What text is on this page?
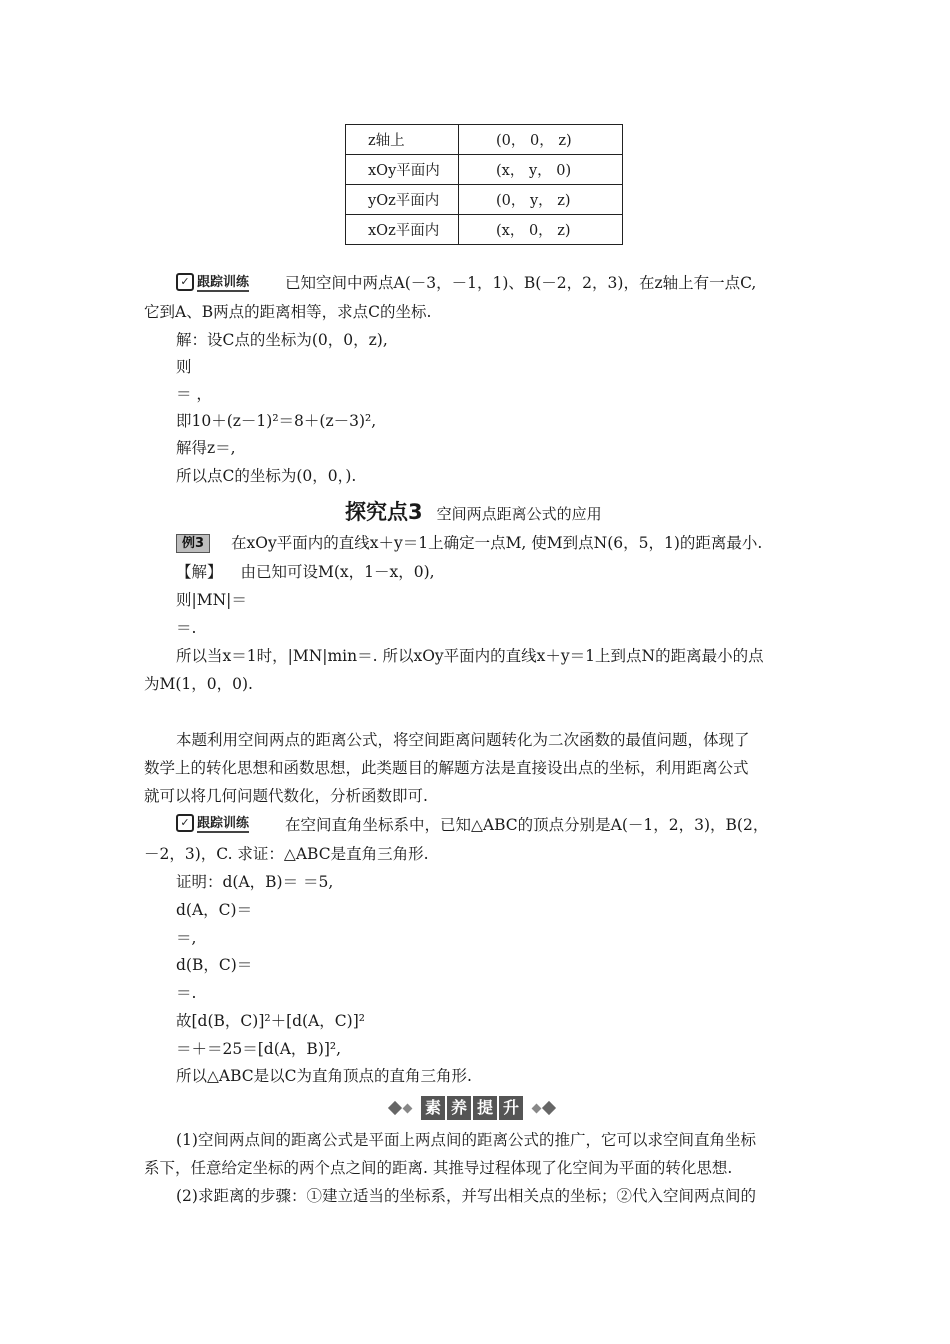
z轴上	(0， 0， z)
xOy平面内	(x， y， 0)
yOz平面内	(0， y， z)
xOz平面内	(x， 0， z)
✓ 跟踪训练 已知空间中两点A(－3，－1，1)、B(－2，2，3)，在z轴上有一点C,
它到A、B两点的距离相等，求点C的坐标.
解：设C点的坐标为(0，0，z),
则
＝ ，
即10＋(z－1)²＝8＋(z－3)²,
解得z＝,
所以点C的坐标为(0，0，).
探究点3 空间两点距离公式的应用
例3	在xOy平面内的直线x＋y＝1上确定一点M, 使M到点N(6，5，1)的距离最小.
【解】 由已知可设M(x，1－x，0),
则|MN|＝
＝.
所以当x＝1时，|MN|min＝. 所以xOy平面内的直线x＋y＝1上到点N的距离最小的点
为M(1，0，0).
本题利用空间两点的距离公式，将空间距离问题转化为二次函数的最值问题，体现了
数学上的转化思想和函数思想，此类题目的解题方法是直接设出点的坐标，利用距离公式
就可以将几何问题代数化，分析函数即可.
✓ 跟踪训练 在空间直角坐标系中，已知△ABC的顶点分别是A(－1，2，3)，B(2，
－2，3)，C. 求证：△ABC是直角三角形.
证明：d(A，B)＝ ＝5,
d(A，C)＝
＝,
d(B，C)＝
＝.
故[d(B，C)]²＋[d(A，C)]²
＝＋＝25＝[d(A，B)]²,
所以△ABC是以C为直角顶点的直角三角形.
素 养 提 升
(1)空间两点间的距离公式是平面上两点间的距离公式的推广，它可以求空间直角坐标
系下，任意给定坐标的两个点之间的距离. 其推导过程体现了化空间为平面的转化思想.
(2)求距离的步骤：①建立适当的坐标系，并写出相关点的坐标；②代入空间两点间的
